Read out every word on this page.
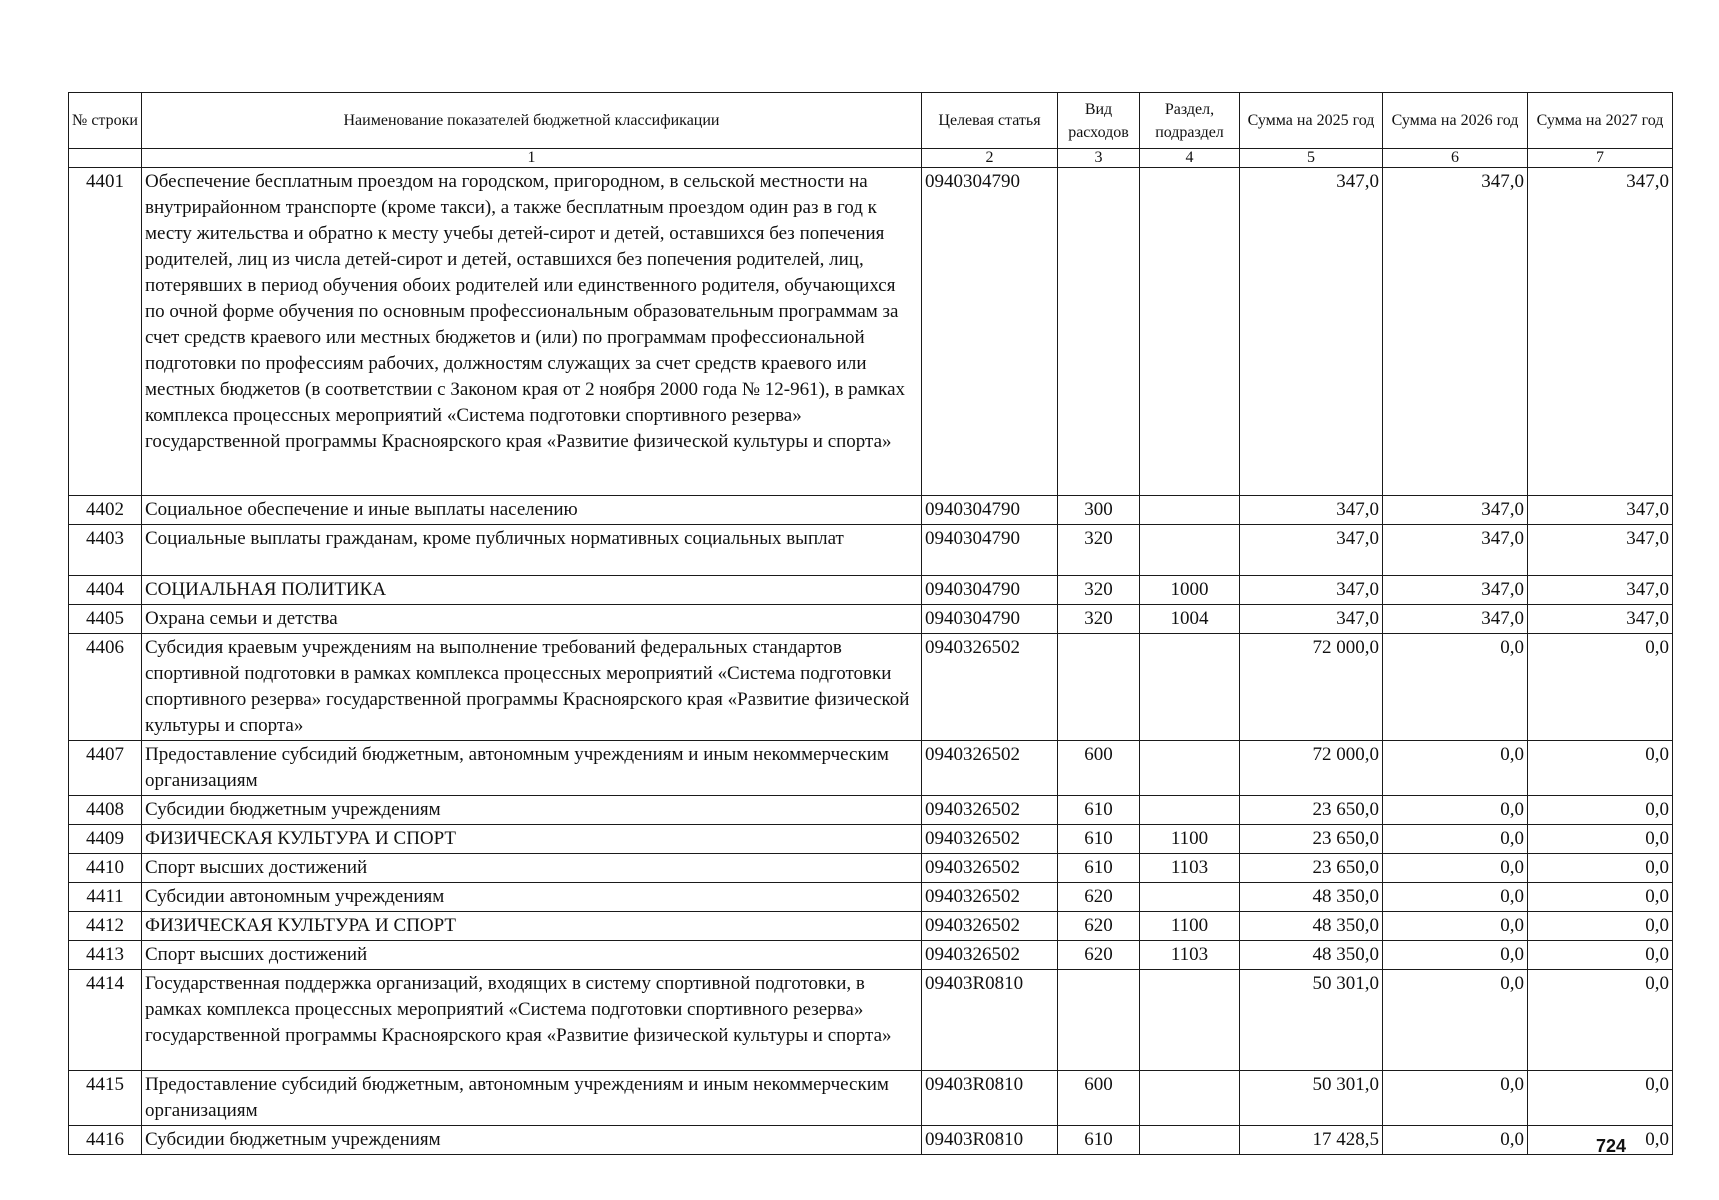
№ строки	Наименование показателей бюджетной классификации	Целевая статья	Вид расходов	Раздел, подраздел	Сумма на 2025 год	Сумма на 2026 год	Сумма на 2027 год
	1	2	3	4	5	6	7
4401	Обеспечение бесплатным проездом на городском, пригородном, в сельской местности на внутрирайонном транспорте (кроме такси), а также бесплатным проездом один раз в год к месту жительства и обратно к месту учебы детей-сирот и детей, оставшихся без попечения родителей, лиц из числа детей-сирот и детей, оставшихся без попечения родителей, лиц, потерявших в период обучения обоих родителей или единственного родителя, обучающихся по очной форме обучения по основным профессиональным образовательным программам за счет средств краевого или местных бюджетов и (или) по программам профессиональной подготовки по профессиям рабочих, должностям служащих за счет средств краевого или местных бюджетов (в соответствии с Законом края от 2 ноября 2000 года № 12-961), в рамках комплекса процессных мероприятий «Система подготовки спортивного резерва» государственной программы Красноярского края «Развитие физической культуры и спорта»	0940304790			347,0	347,0	347,0
4402	Социальное обеспечение и иные выплаты населению	0940304790	300		347,0	347,0	347,0
4403	Социальные выплаты гражданам, кроме публичных нормативных социальных выплат	0940304790	320		347,0	347,0	347,0
4404	СОЦИАЛЬНАЯ ПОЛИТИКА	0940304790	320	1000	347,0	347,0	347,0
4405	Охрана семьи и детства	0940304790	320	1004	347,0	347,0	347,0
4406	Субсидия краевым учреждениям на выполнение требований федеральных стандартов спортивной подготовки в рамках комплекса процессных мероприятий «Система подготовки спортивного резерва» государственной программы Красноярского края «Развитие физической культуры и спорта»	0940326502			72 000,0	0,0	0,0
4407	Предоставление субсидий бюджетным, автономным учреждениям и иным некоммерческим организациям	0940326502	600		72 000,0	0,0	0,0
4408	Субсидии бюджетным учреждениям	0940326502	610		23 650,0	0,0	0,0
4409	ФИЗИЧЕСКАЯ КУЛЬТУРА И СПОРТ	0940326502	610	1100	23 650,0	0,0	0,0
4410	Спорт высших достижений	0940326502	610	1103	23 650,0	0,0	0,0
4411	Субсидии автономным учреждениям	0940326502	620		48 350,0	0,0	0,0
4412	ФИЗИЧЕСКАЯ КУЛЬТУРА И СПОРТ	0940326502	620	1100	48 350,0	0,0	0,0
4413	Спорт высших достижений	0940326502	620	1103	48 350,0	0,0	0,0
4414	Государственная поддержка организаций, входящих в систему спортивной подготовки, в рамках комплекса процессных мероприятий «Система подготовки спортивного резерва» государственной программы Красноярского края «Развитие физической культуры и спорта»	09403R0810			50 301,0	0,0	0,0
4415	Предоставление субсидий бюджетным, автономным учреждениям и иным некоммерческим организациям	09403R0810	600		50 301,0	0,0	0,0
4416	Субсидии бюджетным учреждениям	09403R0810	610		17 428,5	0,0	0,0
724
